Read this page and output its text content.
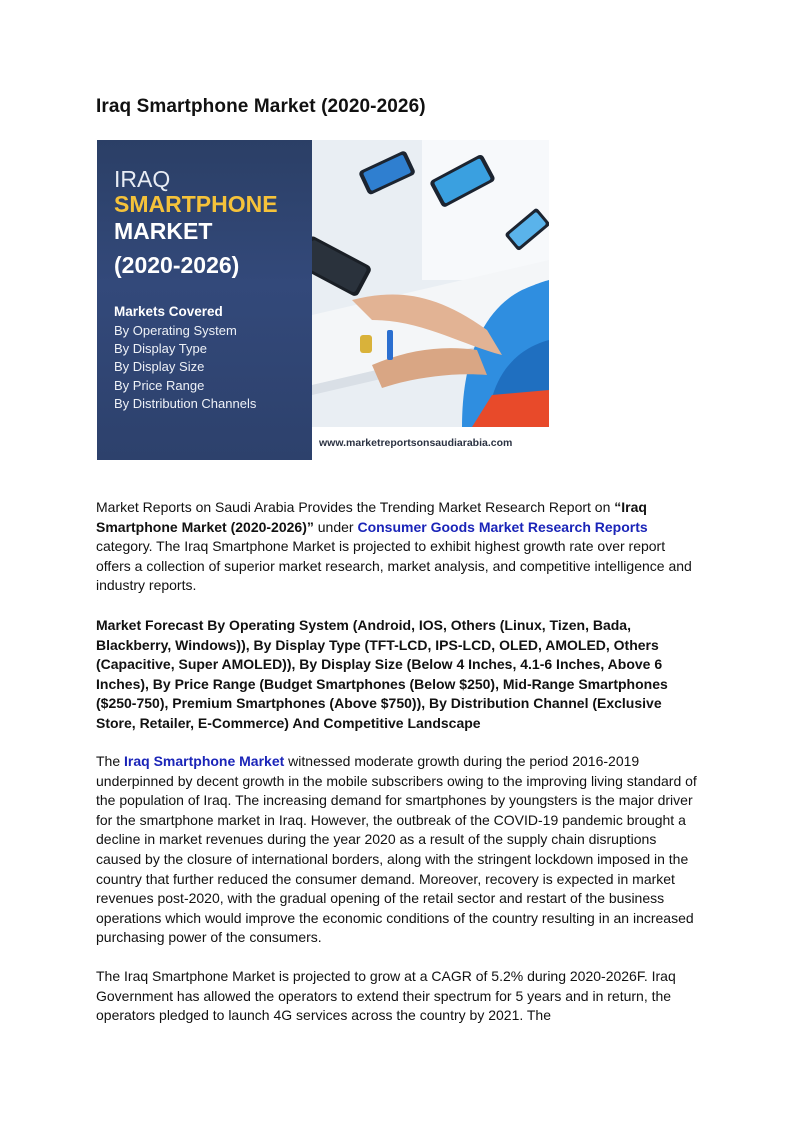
Iraq Smartphone Market (2020-2026)
IRAQ
SMARTPHONE
MARKET
(2020-2026)
Markets Covered
By Operating System
By Display Type
By Display Size
By Price Range
By Distribution Channels
www.marketreportsonsaudiarabia.com

Market Reports on Saudi Arabia Provides the Trending Market Research Report on “Iraq Smartphone Market (2020-2026)” under Consumer Goods Market Research Reports category. The Iraq Smartphone Market is projected to exhibit highest growth rate over report offers a collection of superior market research, market analysis, and competitive intelligence and industry reports.

Market Forecast By Operating System (Android, IOS, Others (Linux, Tizen, Bada, Blackberry, Windows)), By Display Type (TFT-LCD, IPS-LCD, OLED, AMOLED, Others (Capacitive, Super AMOLED)), By Display Size (Below 4 Inches, 4.1-6 Inches, Above 6 Inches), By Price Range (Budget Smartphones (Below $250), Mid-Range Smartphones ($250-750), Premium Smartphones (Above $750)), By Distribution Channel (Exclusive Store, Retailer, E-Commerce) And Competitive Landscape

The Iraq Smartphone Market witnessed moderate growth during the period 2016-2019 underpinned by decent growth in the mobile subscribers owing to the improving living standard of the population of Iraq. The increasing demand for smartphones by youngsters is the major driver for the smartphone market in Iraq. However, the outbreak of the COVID-19 pandemic brought a decline in market revenues during the year 2020 as a result of the supply chain disruptions caused by the closure of international borders, along with the stringent lockdown imposed in the country that further reduced the consumer demand. Moreover, recovery is expected in market revenues post-2020, with the gradual opening of the retail sector and restart of the business operations which would improve the economic conditions of the country resulting in an increased purchasing power of the consumers.

The Iraq Smartphone Market is projected to grow at a CAGR of 5.2% during 2020-2026F. Iraq Government has allowed the operators to extend their spectrum for 5 years and in return, the operators pledged to launch 4G services across the country by 2021. The
